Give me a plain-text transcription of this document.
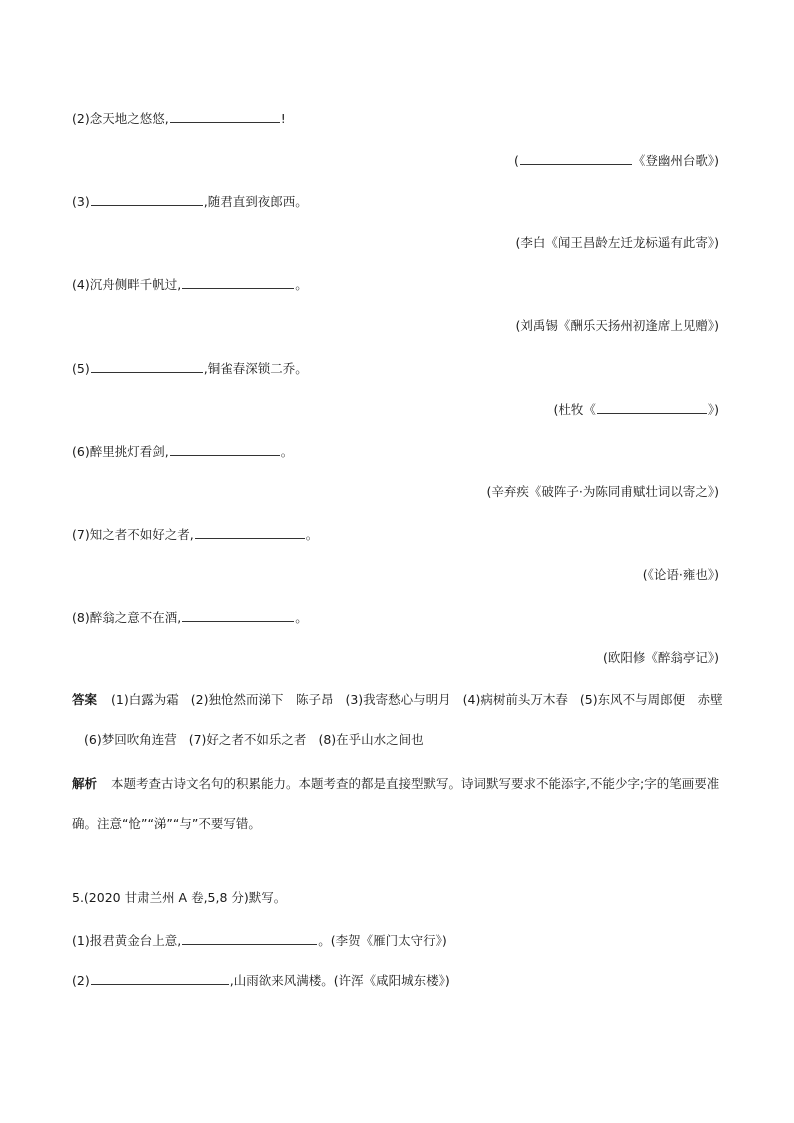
(2)念天地之悠悠,	!
(	《登幽州台歌》)
(3)	,随君直到夜郎西。
(李白《闻王昌龄左迁龙标遥有此寄》)
(4)沉舟侧畔千帆过,	。
(刘禹锡《酬乐天扬州初逢席上见赠》)
(5)	,铜雀春深锁二乔。
(杜牧《	》)
(6)醉里挑灯看剑,	。
(辛弃疾《破阵子·为陈同甫赋壮词以寄之》)
(7)知之者不如好之者,	。
(《论语·雍也》)
(8)醉翁之意不在酒,	。
(欧阳修《醉翁亭记》)
答案 (1)白露为霜 (2)独怆然而涕下　陈子昂 (3)我寄愁心与明月 (4)病树前头万木春 (5)东风不与周郎便　赤壁(6)梦回吹角连营 (7)好之者不如乐之者 (8)在乎山水之间也
解析 本题考查古诗文名句的积累能力。本题考查的都是直接型默写。诗词默写要求不能添字,不能少字;字的笔画要准确。注意“怆”“涕”“与”不要写错。
5.(2020 甘肃兰州 A 卷,5,8 分)默写。
(1)报君黄金台上意,	。(李贺《雁门太守行》)
(2)	,山雨欲来风满楼。(许浑《咸阳城东楼》)
